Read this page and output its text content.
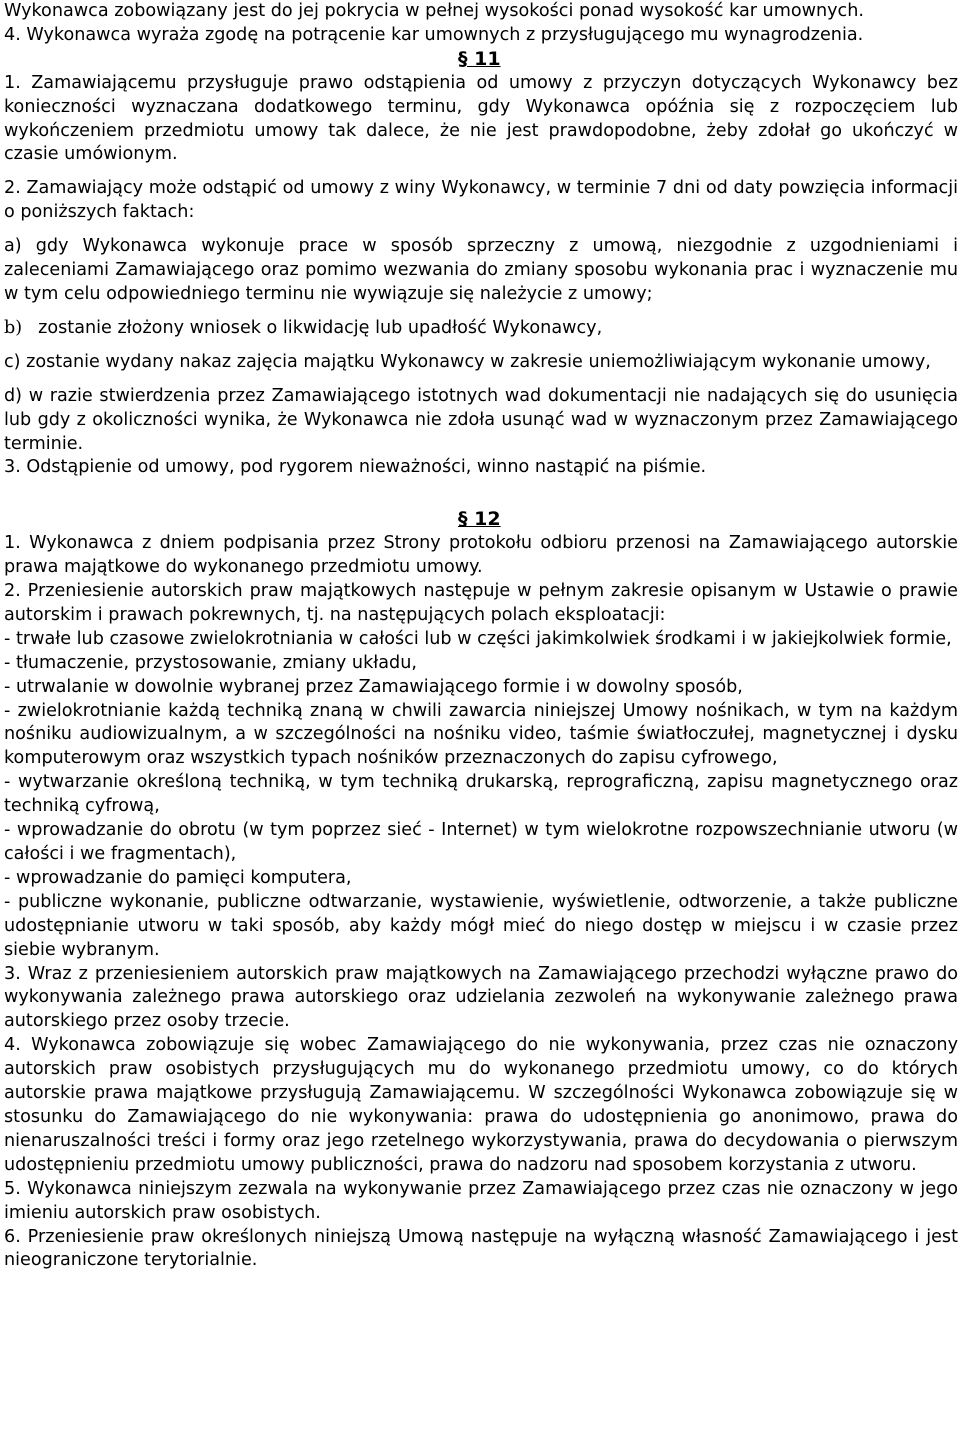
Wykonawca zobowiązany jest do jej pokrycia w pełnej wysokości ponad wysokość kar umownych.

4. Wykonawca wyraża zgodę na potrącenie kar umownych z przysługującego mu wynagrodzenia.

§ 11

1. Zamawiającemu przysługuje prawo odstąpienia od umowy z przyczyn dotyczących Wykonawcy bez konieczności wyznaczana dodatkowego terminu, gdy Wykonawca opóźnia się z rozpoczęciem lub wykończeniem przedmiotu umowy tak dalece, że nie jest prawdopodobne, żeby zdołał go ukończyć w czasie umówionym.

2. Zamawiający może odstąpić od umowy z winy Wykonawcy, w terminie 7 dni od daty powzięcia informacji o poniższych faktach:

a) gdy Wykonawca wykonuje prace w sposób sprzeczny z umową, niezgodnie z uzgodnieniami i zaleceniami Zamawiającego oraz pomimo wezwania do zmiany sposobu wykonania prac i wyznaczenie mu w tym celu odpowiedniego terminu nie wywiązuje się należycie z umowy;

b) zostanie złożony wniosek o likwidację lub upadłość Wykonawcy,

c) zostanie wydany nakaz zajęcia majątku Wykonawcy w zakresie uniemożliwiającym wykonanie umowy,

d) w razie stwierdzenia przez Zamawiającego istotnych wad dokumentacji nie nadających się do usunięcia lub gdy z okoliczności wynika, że Wykonawca nie zdoła usunąć wad w wyznaczonym przez Zamawiającego terminie.

3. Odstąpienie od umowy, pod rygorem nieważności, winno nastąpić na piśmie.

§ 12

1. Wykonawca z dniem podpisania przez Strony protokołu odbioru przenosi na Zamawiającego autorskie prawa majątkowe do wykonanego przedmiotu umowy.

2. Przeniesienie autorskich praw majątkowych następuje w pełnym zakresie opisanym w Ustawie o prawie autorskim i prawach pokrewnych, tj. na następujących polach eksploatacji:

- trwałe lub czasowe zwielokrotniania w całości lub w części jakimkolwiek środkami i w jakiejkolwiek formie,

- tłumaczenie, przystosowanie, zmiany układu,

- utrwalanie w dowolnie wybranej przez Zamawiającego formie i w dowolny sposób,

- zwielokrotnianie każdą techniką znaną w chwili zawarcia niniejszej Umowy nośnikach, w tym na każdym nośniku audiowizualnym, a w szczególności na nośniku video, taśmie światłoczułej, magnetycznej i dysku komputerowym oraz wszystkich typach nośników przeznaczonych do zapisu cyfrowego,

- wytwarzanie określoną techniką, w tym techniką drukarską, reprograficzną, zapisu magnetycznego oraz techniką cyfrową,

- wprowadzanie do obrotu (w tym poprzez sieć - Internet) w tym wielokrotne rozpowszechnianie utworu (w całości i we fragmentach),

- wprowadzanie do pamięci komputera,

- publiczne wykonanie, publiczne odtwarzanie, wystawienie, wyświetlenie, odtworzenie, a także publiczne udostępnianie utworu w taki sposób, aby każdy mógł mieć do niego dostęp w miejscu i w czasie przez siebie wybranym.

3. Wraz z przeniesieniem autorskich praw majątkowych na Zamawiającego przechodzi wyłączne prawo do wykonywania zależnego prawa autorskiego oraz udzielania zezwoleń na wykonywanie zależnego prawa autorskiego przez osoby trzecie.

4. Wykonawca zobowiązuje się wobec Zamawiającego do nie wykonywania, przez czas nie oznaczony autorskich praw osobistych przysługujących mu do wykonanego przedmiotu umowy, co do których autorskie prawa majątkowe przysługują Zamawiającemu. W szczególności Wykonawca zobowiązuje się w stosunku do Zamawiającego do nie wykonywania: prawa do udostępnienia go anonimowo, prawa do nienaruszalności treści i formy oraz jego rzetelnego wykorzystywania, prawa do decydowania o pierwszym udostępnieniu przedmiotu umowy publiczności, prawa do nadzoru nad sposobem korzystania z utworu.

5. Wykonawca niniejszym zezwala na wykonywanie przez Zamawiającego przez czas nie oznaczony w jego imieniu autorskich praw osobistych.

6. Przeniesienie praw określonych niniejszą Umową następuje na wyłączną własność Zamawiającego i jest nieograniczone terytorialnie.
